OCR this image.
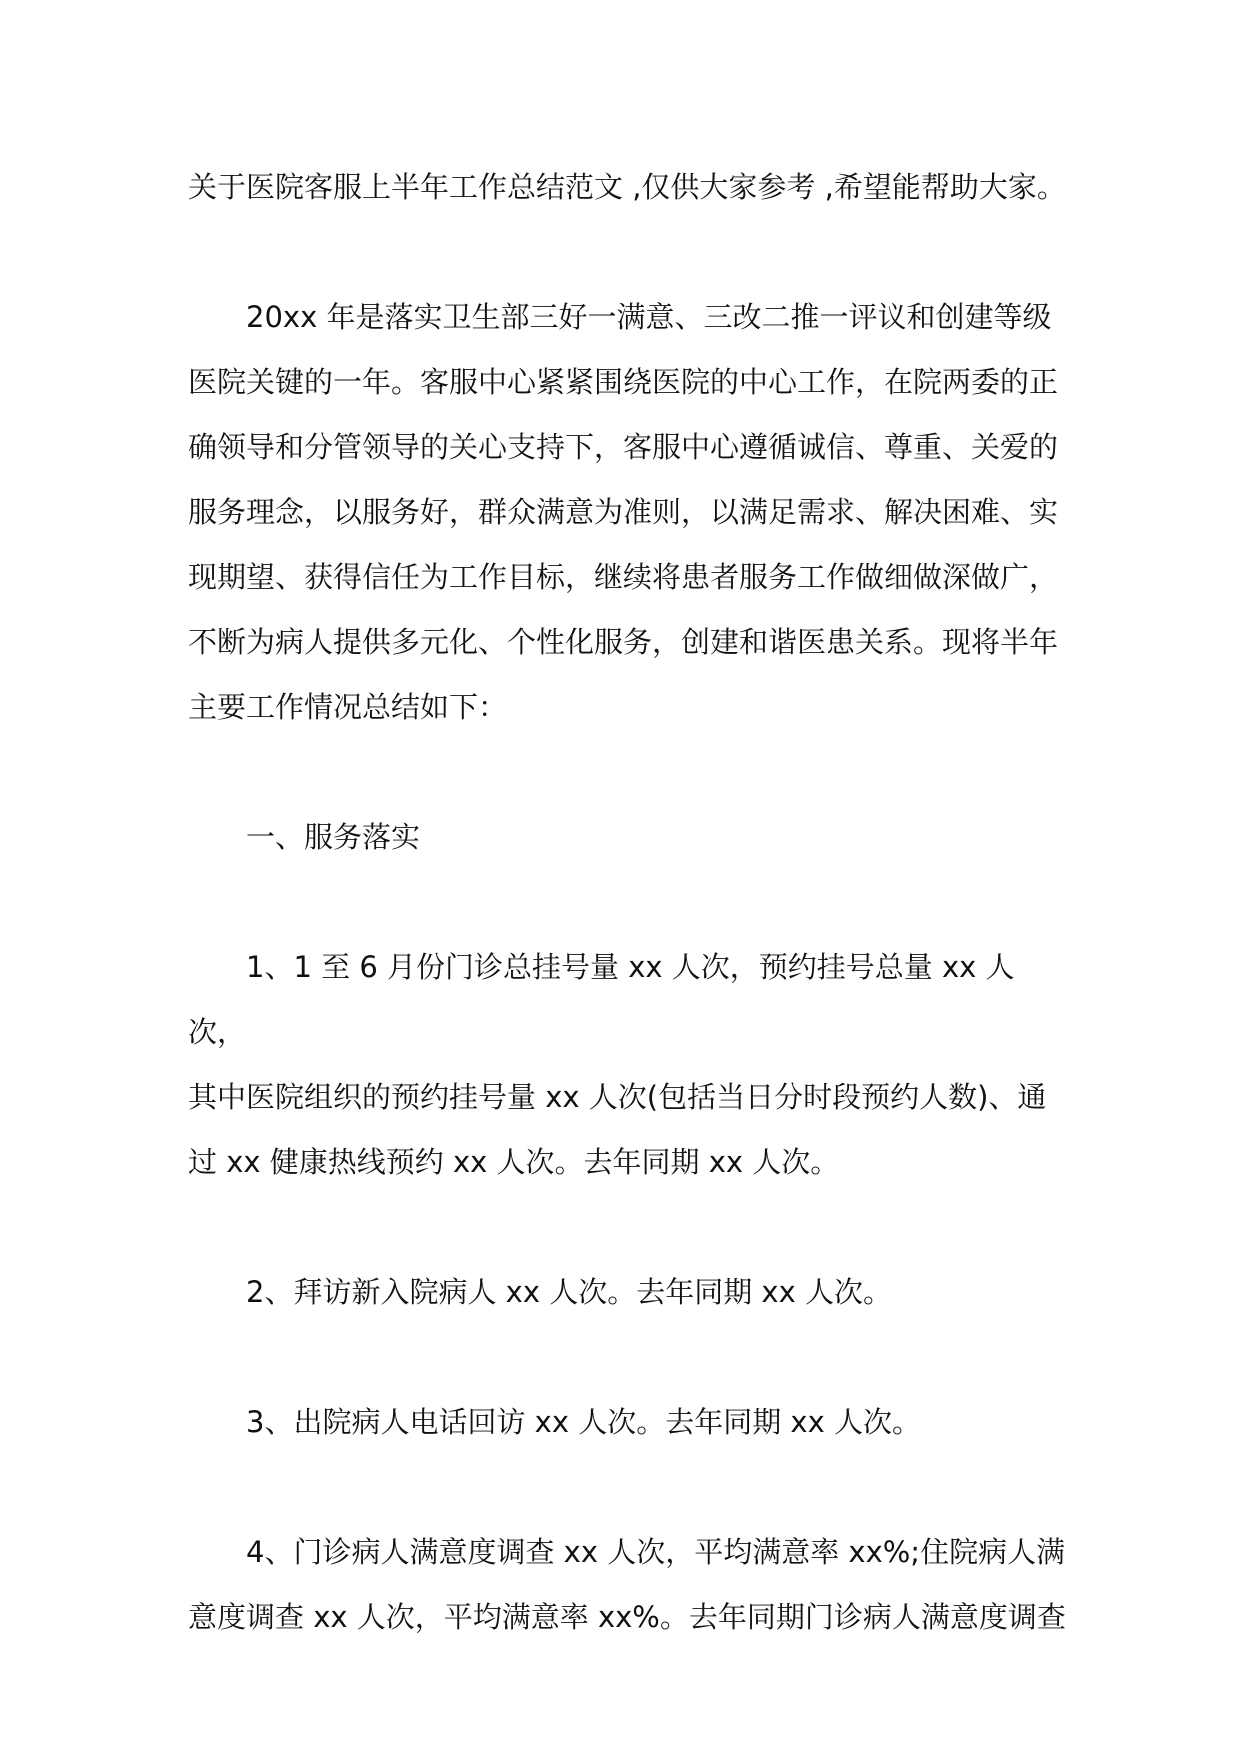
关于医院客服上半年工作总结范文 ,仅供大家参考 ,希望能帮助大家。

20xx 年是落实卫生部三好一满意、三改二推一评议和创建等级
医院关键的一年。客服中心紧紧围绕医院的中心工作，在院两委的正
确领导和分管领导的关心支持下，客服中心遵循诚信、尊重、关爱的
服务理念，以服务好，群众满意为准则，以满足需求、解决困难、实
现期望、获得信任为工作目标，继续将患者服务工作做细做深做广，
不断为病人提供多元化、个性化服务，创建和谐医患关系。现将半年
主要工作情况总结如下：

一、服务落实

1、1 至 6 月份门诊总挂号量 xx 人次，预约挂号总量 xx 人次，
其中医院组织的预约挂号量 xx 人次(包括当日分时段预约人数)、通
过 xx 健康热线预约 xx 人次。去年同期 xx 人次。

2、拜访新入院病人 xx 人次。去年同期 xx 人次。

3、出院病人电话回访 xx 人次。去年同期 xx 人次。

4、门诊病人满意度调查 xx 人次，平均满意率 xx%;住院病人满
意度调查 xx 人次，平均满意率 xx%。去年同期门诊病人满意度调查
